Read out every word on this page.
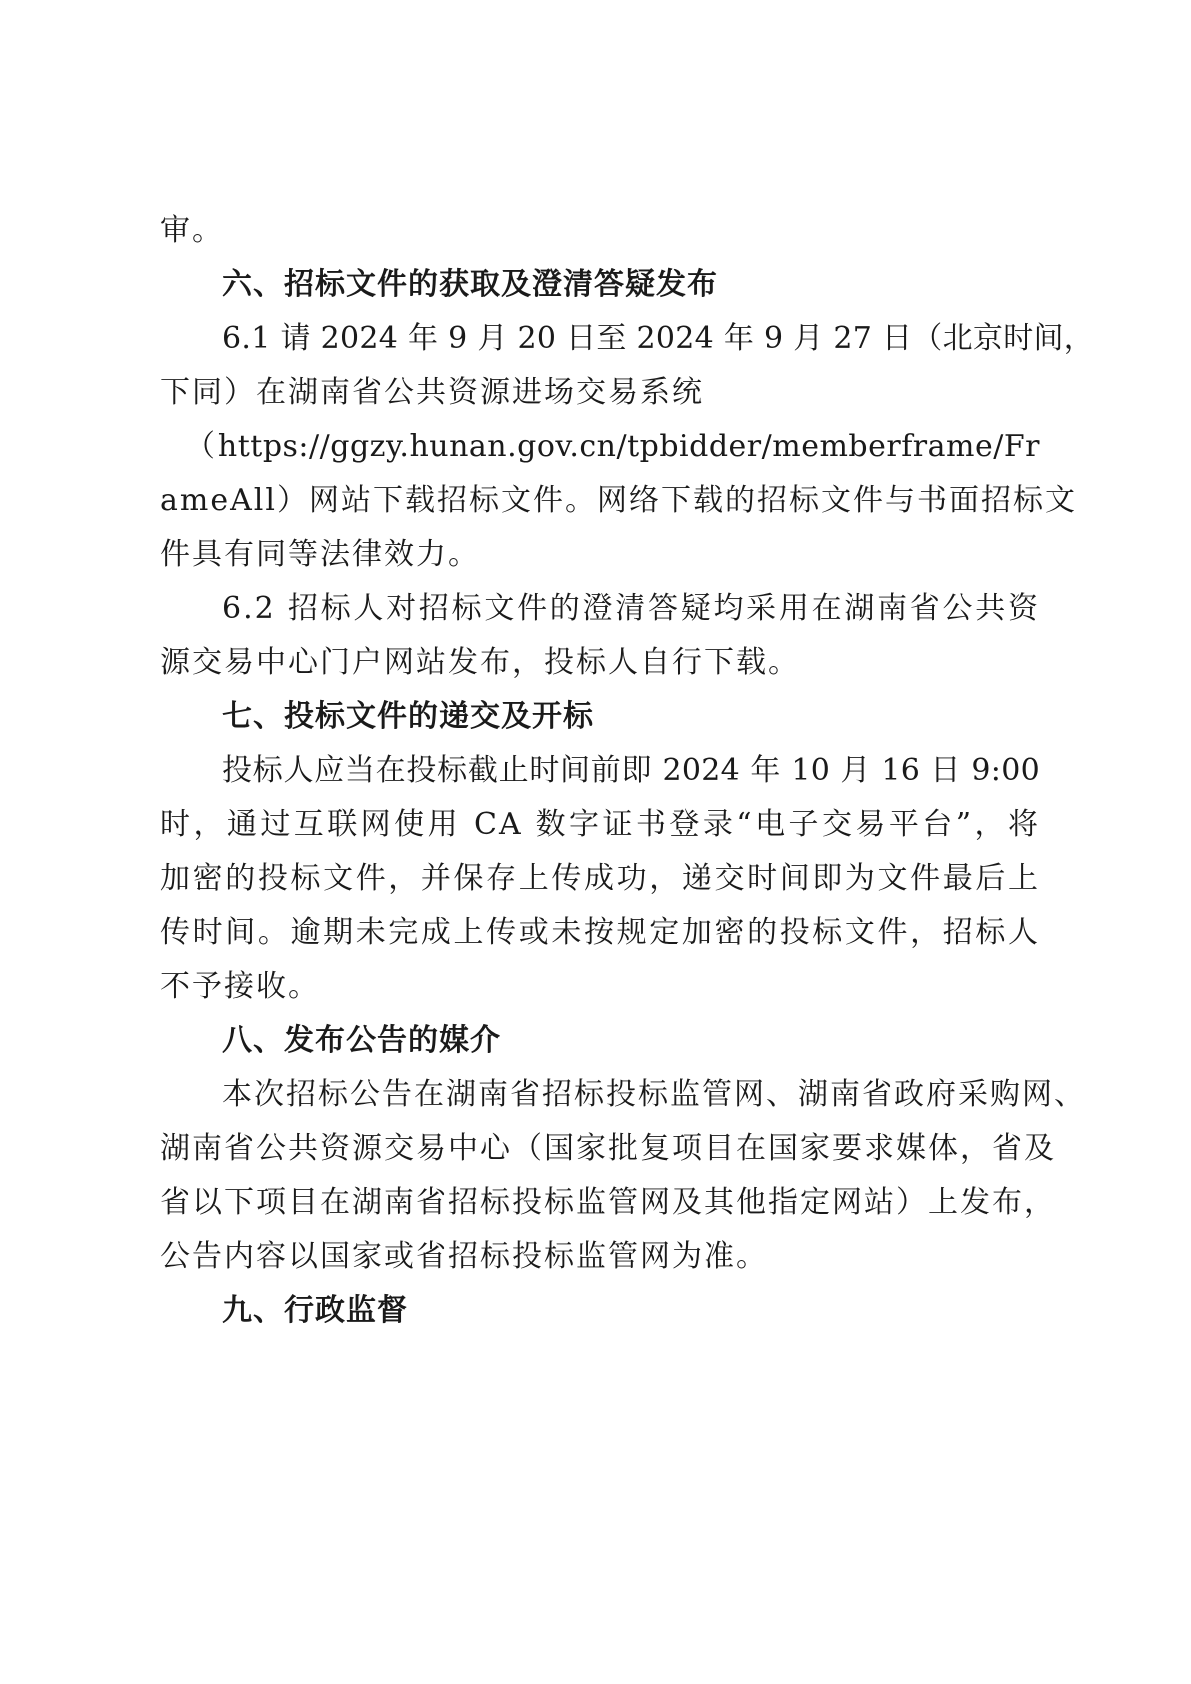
审。
六、招标文件的获取及澄清答疑发布
6.1 请 2024 年 9 月 20 日至 2024 年 9 月 27 日（北京时间，
下同）在湖南省公共资源进场交易系统
（https://ggzy.hunan.gov.cn/tpbidder/memberframe/Fr
ameAll）网站下载招标文件。网络下载的招标文件与书面招标文
件具有同等法律效力。
6.2 招标人对招标文件的澄清答疑均采用在湖南省公共资
源交易中心门户网站发布，投标人自行下载。
七、投标文件的递交及开标
投标人应当在投标截止时间前即 2024 年 10 月 16 日 9:00
时，通过互联网使用 CA 数字证书登录“电子交易平台”，将
加密的投标文件，并保存上传成功，递交时间即为文件最后上
传时间。逾期未完成上传或未按规定加密的投标文件，招标人
不予接收。
八、发布公告的媒介
本次招标公告在湖南省招标投标监管网、湖南省政府采购网、
湖南省公共资源交易中心（国家批复项目在国家要求媒体，省及
省以下项目在湖南省招标投标监管网及其他指定网站）上发布，
公告内容以国家或省招标投标监管网为准。
九、行政监督
